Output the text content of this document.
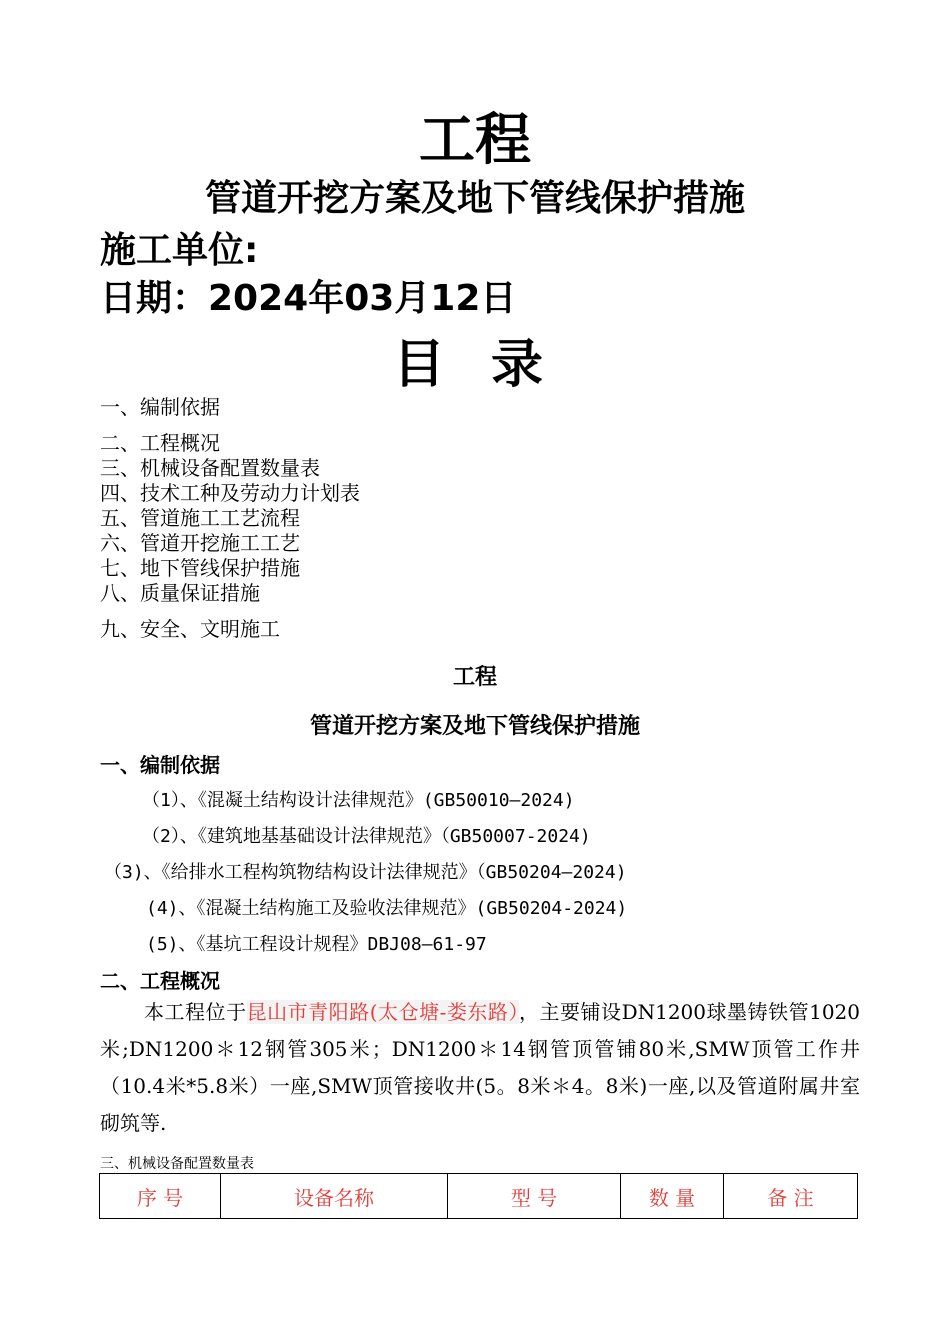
工程
管道开挖方案及地下管线保护措施
施工单位:
日期：2024年03月12日
目 录
一、编制依据
二、工程概况
三、机械设备配置数量表
四、技术工种及劳动力计划表
五、管道施工工艺流程
六、管道开挖施工工艺
七、地下管线保护措施
八、质量保证措施
九、安全、文明施工
工程
管道开挖方案及地下管线保护措施
一、编制依据
（1）、《混凝土结构设计法律规范》(GB50010—2024)
（2）、《建筑地基基础设计法律规范》（GB50007-2024)
（3)、《给排水工程构筑物结构设计法律规范》（GB50204—2024)
(4)、《混凝土结构施工及验收法律规范》(GB50204-2024)
(5)、《基坑工程设计规程》DBJ08—61-97
二、工程概况
本工程位于昆山市青阳路(太仓塘-娄东路），主要铺设DN1200球墨铸铁管1020米;DN1200＊12钢管305米；DN1200＊14钢管顶管铺80米,SMW顶管工作井（10.4米*5.8米）一座,SMW顶管接收井(5。8米＊4。8米)一座,以及管道附属井室砌筑等.
三、机械设备配置数量表
序 号	设备名称	型 号	数 量	备 注
